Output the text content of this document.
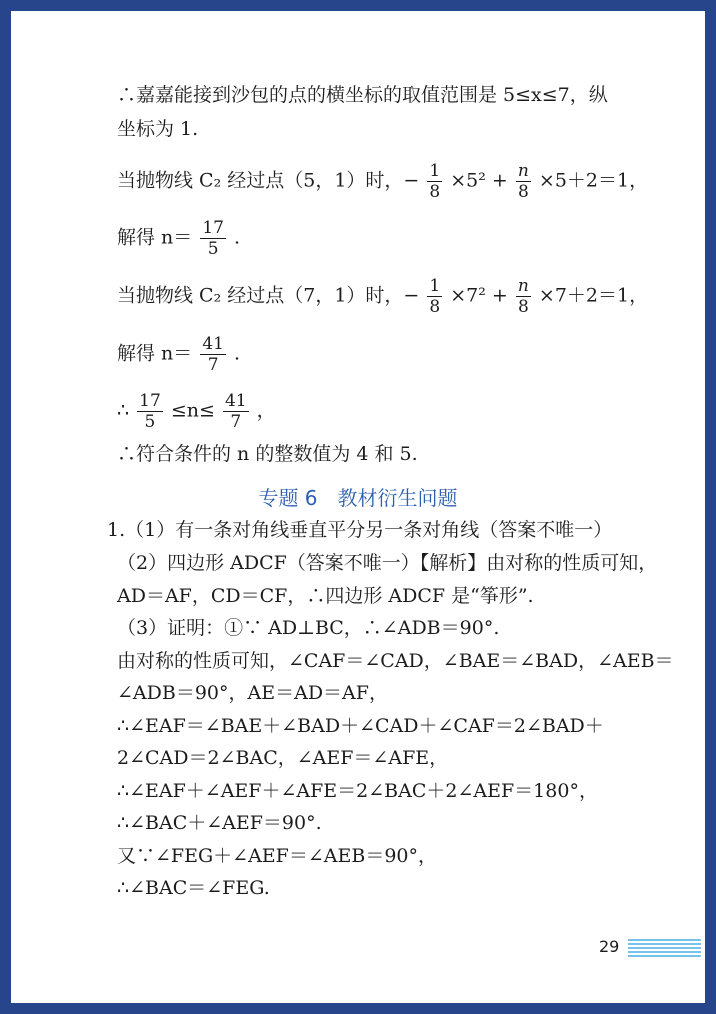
∴嘉嘉能接到沙包的点的横坐标的取值范围是 5≤x≤7，纵
坐标为 1.
当抛物线 C₂ 经过点（5，1）时，− $\frac{1}{8} \times 5^2 + \frac{n}{8} \times 5+2=1$，
解得 $n= \frac{17}{5}$ .
当抛物线 C₂ 经过点（7，1）时，− $\frac{1}{8} \times 7^2 + \frac{n}{8} \times 7+2=1$，
解得 $n= \frac{41}{7}$ .
∴ $\frac{17}{5} \le n\le \frac{41}{7}$ ，
∴符合条件的 n 的整数值为 4 和 5.
专题 6　教材衍生问题
1.（1）有一条对角线垂直平分另一条对角线（答案不唯一）
（2）四边形 ADCF（答案不唯一）【解析】由对称的性质可知，
AD＝AF，CD＝CF，∴四边形 ADCF 是“筝形”.
（3）证明：①∵ AD⊥BC，∴∠ADB＝90°.
由对称的性质可知，∠CAF＝∠CAD，∠BAE＝∠BAD，∠AEB＝
∠ADB＝90°，AE＝AD＝AF，
∴∠EAF＝∠BAE＋∠BAD＋∠CAD＋∠CAF＝2∠BAD＋
2∠CAD＝2∠BAC，∠AEF＝∠AFE，
∴∠EAF＋∠AEF＋∠AFE＝2∠BAC＋2∠AEF＝180°，
∴∠BAC＋∠AEF＝90°.
又∵∠FEG＋∠AEF＝∠AEB＝90°，
∴∠BAC＝∠FEG.
29
